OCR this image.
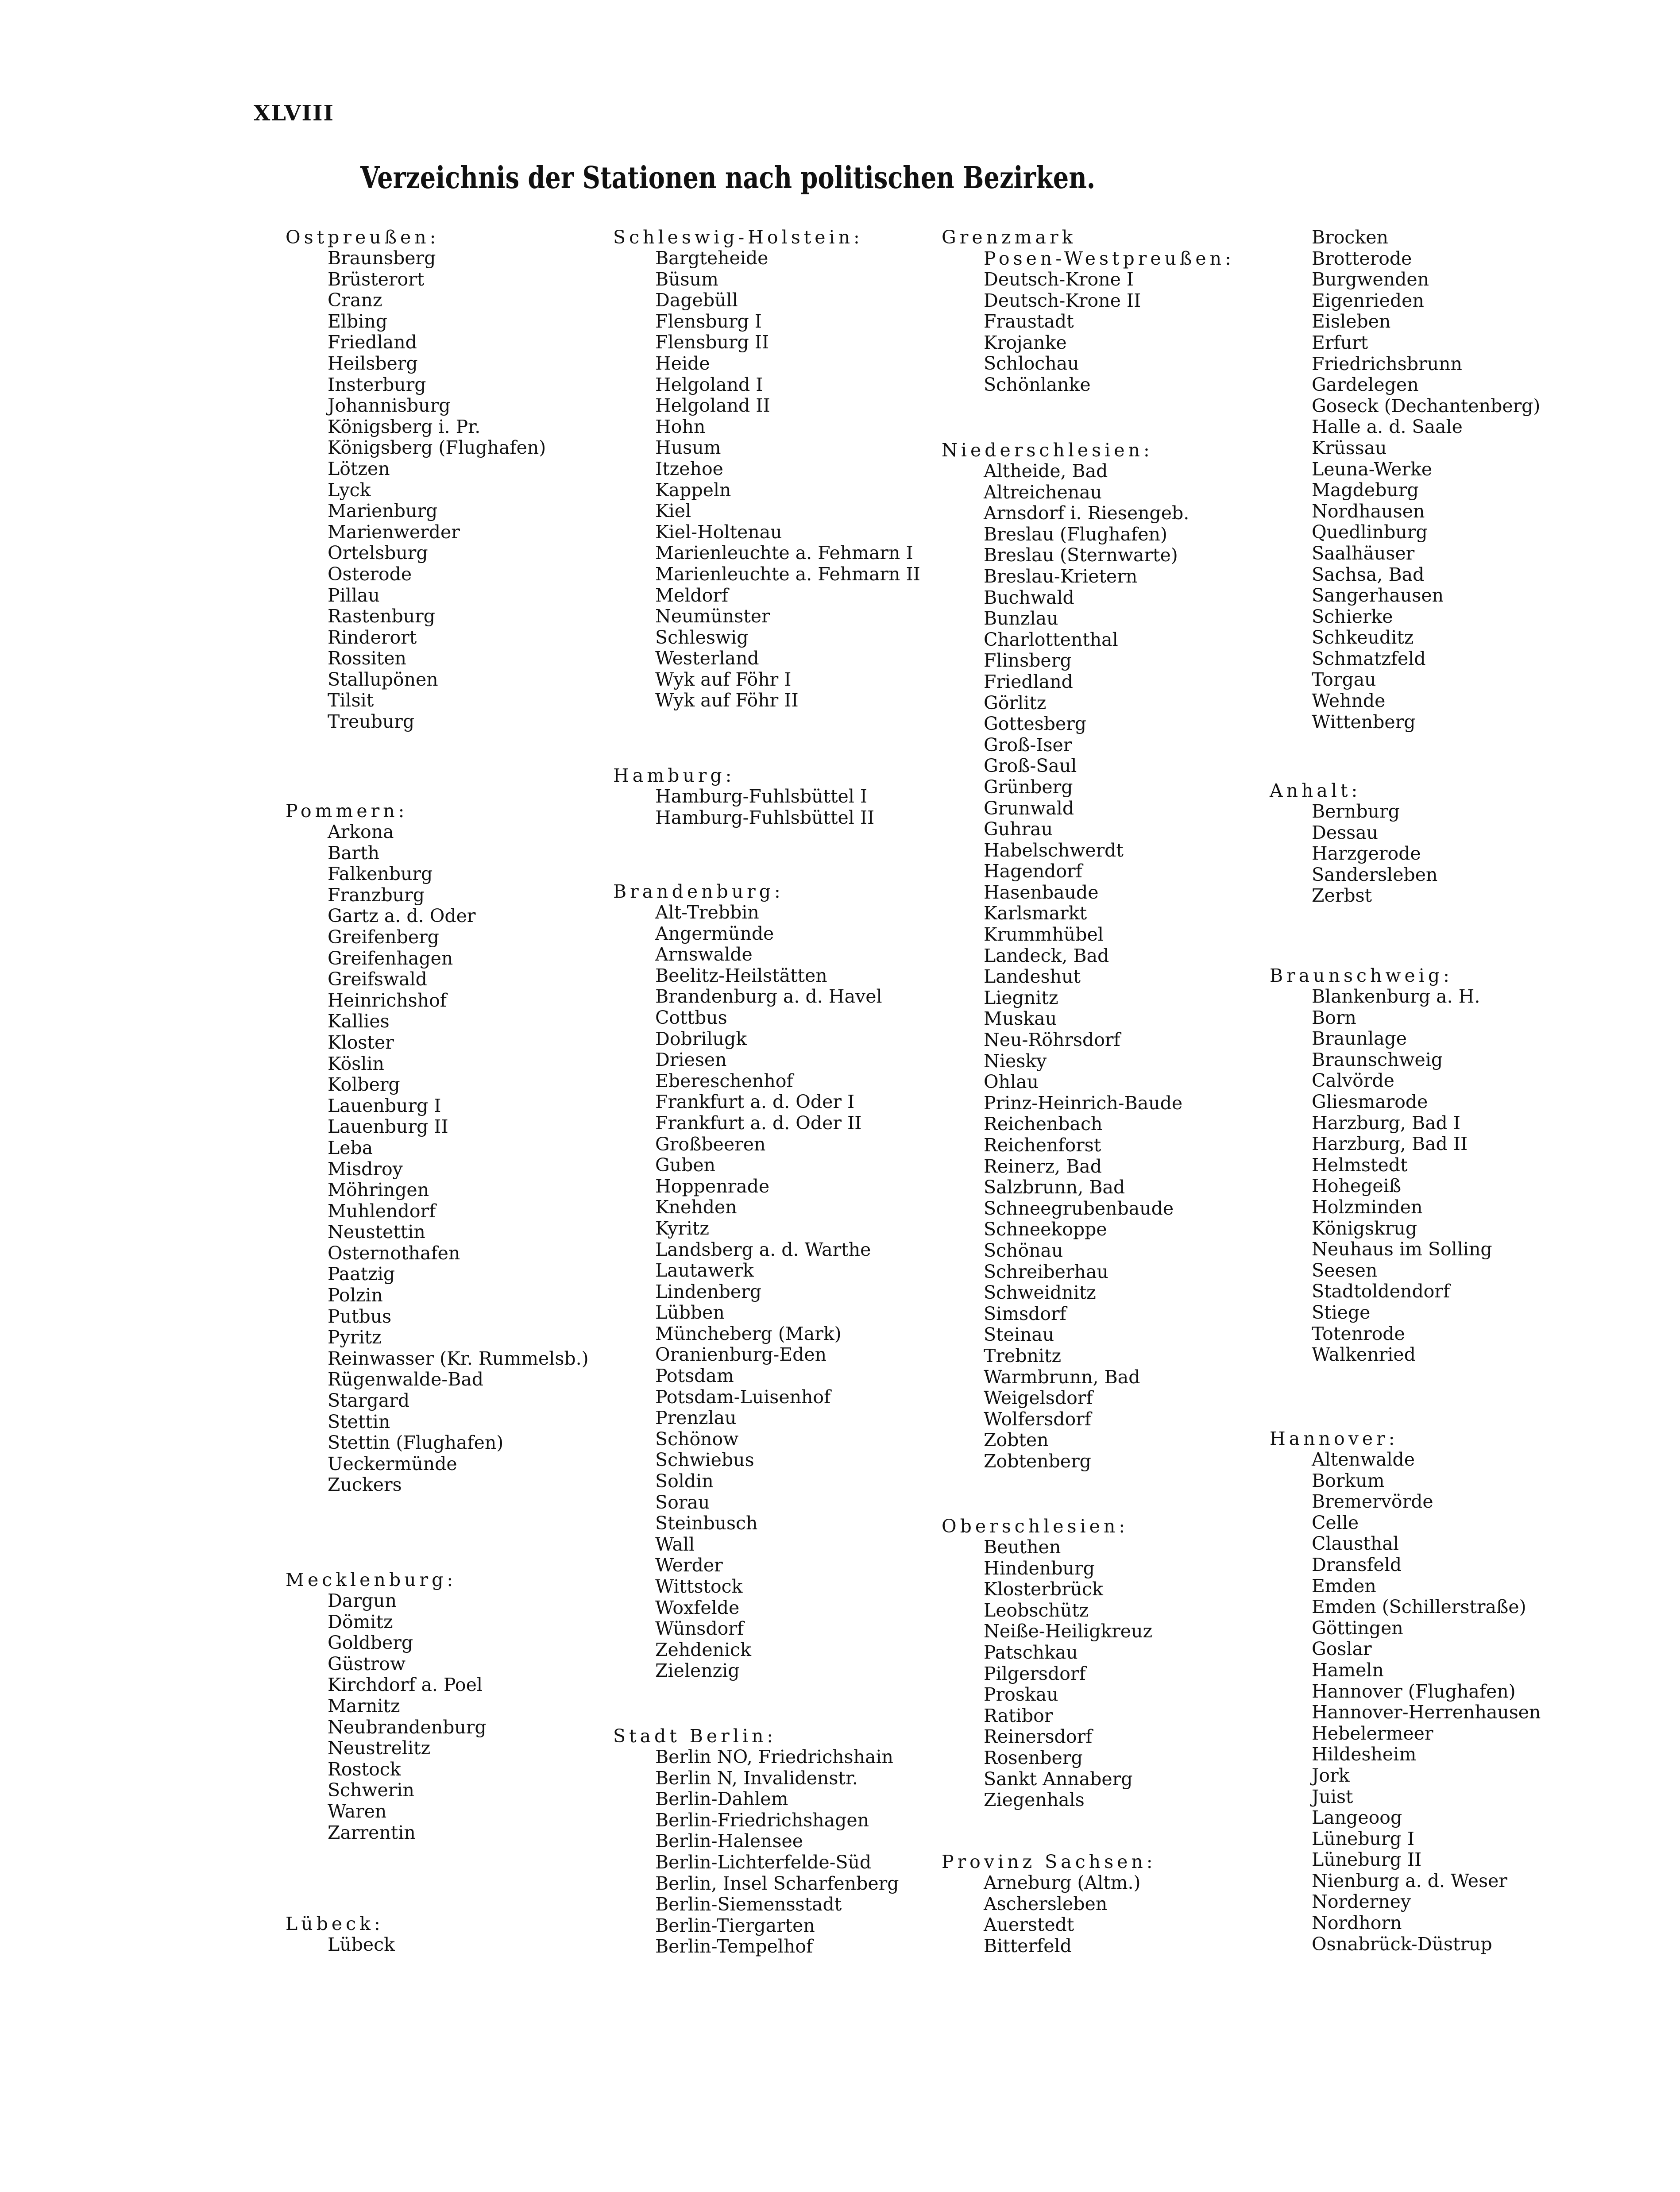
XLVIII
Verzeichnis der Stationen nach politischen Bezirken.
Ostpreußen:
Braunsberg
Brüsterort
Cranz
Elbing
Friedland
Heilsberg
Insterburg
Johannisburg
Königsberg i. Pr.
Königsberg (Flughafen)
Lötzen
Lyck
Marienburg
Marienwerder
Ortelsburg
Osterode
Pillau
Rastenburg
Rinderort
Rossiten
Stallupönen
Tilsit
Treuburg
Pommern:
Arkona
Barth
Falkenburg
Franzburg
Gartz a. d. Oder
Greifenberg
Greifenhagen
Greifswald
Heinrichshof
Kallies
Kloster
Köslin
Kolberg
Lauenburg I
Lauenburg II
Leba
Misdroy
Möhringen
Muhlendorf
Neustettin
Osternothafen
Paatzig
Polzin
Putbus
Pyritz
Reinwasser (Kr. Rummelsb.)
Rügenwalde-Bad
Stargard
Stettin
Stettin (Flughafen)
Ueckermünde
Zuckers
Mecklenburg:
Dargun
Dömitz
Goldberg
Güstrow
Kirchdorf a. Poel
Marnitz
Neubrandenburg
Neustrelitz
Rostock
Schwerin
Waren
Zarrentin
Lübeck:
Lübeck
Schleswig-Holstein:
Bargteheide
Büsum
Dagebüll
Flensburg I
Flensburg II
Heide
Helgoland I
Helgoland II
Hohn
Husum
Itzehoe
Kappeln
Kiel
Kiel-Holtenau
Marienleuchte a. Fehmarn I
Marienleuchte a. Fehmarn II
Meldorf
Neumünster
Schleswig
Westerland
Wyk auf Föhr I
Wyk auf Föhr II
Hamburg:
Hamburg-Fuhlsbüttel I
Hamburg-Fuhlsbüttel II
Brandenburg:
Alt-Trebbin
Angermünde
Arnswalde
Beelitz-Heilstätten
Brandenburg a. d. Havel
Cottbus
Dobrilugk
Driesen
Ebereschenhof
Frankfurt a. d. Oder I
Frankfurt a. d. Oder II
Großbeeren
Guben
Hoppenrade
Knehden
Kyritz
Landsberg a. d. Warthe
Lautawerk
Lindenberg
Lübben
Müncheberg (Mark)
Oranienburg-Eden
Potsdam
Potsdam-Luisenhof
Prenzlau
Schönow
Schwiebus
Soldin
Sorau
Steinbusch
Wall
Werder
Wittstock
Woxfelde
Wünsdorf
Zehdenick
Zielenzig
Stadt Berlin:
Berlin NO, Friedrichshain
Berlin N, Invalidenstr.
Berlin-Dahlem
Berlin-Friedrichshagen
Berlin-Halensee
Berlin-Lichterfelde-Süd
Berlin, Insel Scharfenberg
Berlin-Siemensstadt
Berlin-Tiergarten
Berlin-Tempelhof
Grenzmark
Posen-Westpreußen:
Deutsch-Krone I
Deutsch-Krone II
Fraustadt
Krojanke
Schlochau
Schönlanke
Niederschlesien:
Altheide, Bad
Altreichenau
Arnsdorf i. Riesengeb.
Breslau (Flughafen)
Breslau (Sternwarte)
Breslau-Krietern
Buchwald
Bunzlau
Charlottenthal
Flinsberg
Friedland
Görlitz
Gottesberg
Groß-Iser
Groß-Saul
Grünberg
Grunwald
Guhrau
Habelschwerdt
Hagendorf
Hasenbaude
Karlsmarkt
Krummhübel
Landeck, Bad
Landeshut
Liegnitz
Muskau
Neu-Röhrsdorf
Niesky
Ohlau
Prinz-Heinrich-Baude
Reichenbach
Reichenforst
Reinerz, Bad
Salzbrunn, Bad
Schneegrubenbaude
Schneekoppe
Schönau
Schreiberhau
Schweidnitz
Simsdorf
Steinau
Trebnitz
Warmbrunn, Bad
Weigelsdorf
Wolfersdorf
Zobten
Zobtenberg
Oberschlesien:
Beuthen
Hindenburg
Klosterbrück
Leobschütz
Neiße-Heiligkreuz
Patschkau
Pilgersdorf
Proskau
Ratibor
Reinersdorf
Rosenberg
Sankt Annaberg
Ziegenhals
Provinz Sachsen:
Arneburg (Altm.)
Aschersleben
Auerstedt
Bitterfeld
Brocken
Brotterode
Burgwenden
Eigenrieden
Eisleben
Erfurt
Friedrichsbrunn
Gardelegen
Goseck (Dechantenberg)
Halle a. d. Saale
Krüssau
Leuna-Werke
Magdeburg
Nordhausen
Quedlinburg
Saalhäuser
Sachsa, Bad
Sangerhausen
Schierke
Schkeuditz
Schmatzfeld
Torgau
Wehnde
Wittenberg
Anhalt:
Bernburg
Dessau
Harzgerode
Sandersleben
Zerbst
Braunschweig:
Blankenburg a. H.
Born
Braunlage
Braunschweig
Calvörde
Gliesmarode
Harzburg, Bad I
Harzburg, Bad II
Helmstedt
Hohegeiß
Holzminden
Königskrug
Neuhaus im Solling
Seesen
Stadtoldendorf
Stiege
Totenrode
Walkenried
Hannover:
Altenwalde
Borkum
Bremervörde
Celle
Clausthal
Dransfeld
Emden
Emden (Schillerstraße)
Göttingen
Goslar
Hameln
Hannover (Flughafen)
Hannover-Herrenhausen
Hebelermeer
Hildesheim
Jork
Juist
Langeoog
Lüneburg I
Lüneburg II
Nienburg a. d. Weser
Norderney
Nordhorn
Osnabrück-Düstrup
